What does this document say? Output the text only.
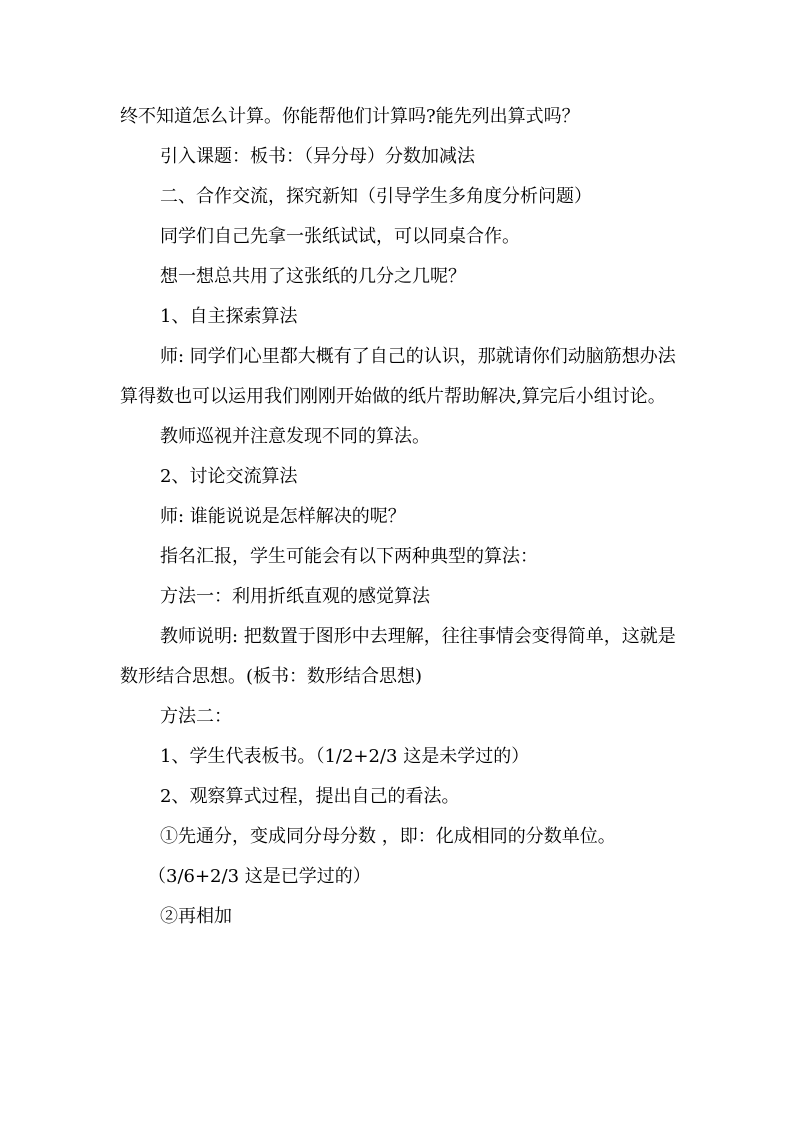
终不知道怎么计算。你能帮他们计算吗?能先列出算式吗？

引入课题：板书：（异分母）分数加减法

二、合作交流，探究新知（引导学生多角度分析问题）

同学们自己先拿一张纸试试，可以同桌合作。

想一想总共用了这张纸的几分之几呢？

1、自主探索算法

师: 同学们心里都大概有了自己的认识，那就请你们动脑筋想办法算得数也可以运用我们刚刚开始做的纸片帮助解决,算完后小组讨论。

教师巡视并注意发现不同的算法。

2、讨论交流算法

师: 谁能说说是怎样解决的呢？

指名汇报，学生可能会有以下两种典型的算法：

方法一：利用折纸直观的感觉算法

教师说明: 把数置于图形中去理解，往往事情会变得简单，这就是数形结合思想。(板书：数形结合思想)

方法二：

1、学生代表板书。（1/2+2/3 这是未学过的）

2、观察算式过程，提出自己的看法。

①先通分，变成同分母分数 ，即：化成相同的分数单位。

（3/6+2/3 这是已学过的）

②再相加
